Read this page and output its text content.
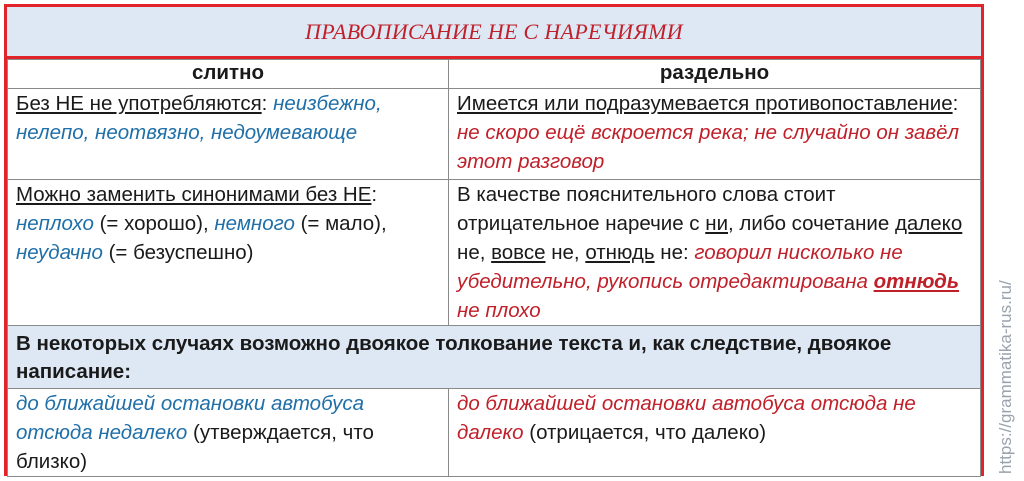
ПРАВОПИСАНИЕ НЕ С НАРЕЧИЯМИ
слитно	раздельно
Без НЕ не употребляются: неизбежно, нелепо, неотвязно, недоумевающе	Имеется или подразумевается противопоставление: не скоро ещё вскроется река; не случайно он завёл этот разговор
Можно заменить синонимами без НЕ: неплохо (= хорошо), немного (= мало), неудачно (= безуспешно)	В качестве пояснительного слова стоит отрицательное наречие с ни, либо сочетание далеко не, вовсе не, отнюдь не: говорил нисколько не убедительно, рукопись отредактирована отнюдь не плохо
В некоторых случаях возможно двоякое толкование текста и, как следствие, двоякое написание:	
до ближайшей остановки автобуса отсюда недалеко (утверждается, что близко)	до ближайшей остановки автобуса отсюда не далеко (отрицается, что далеко)	https://grammatika-rus.ru/
